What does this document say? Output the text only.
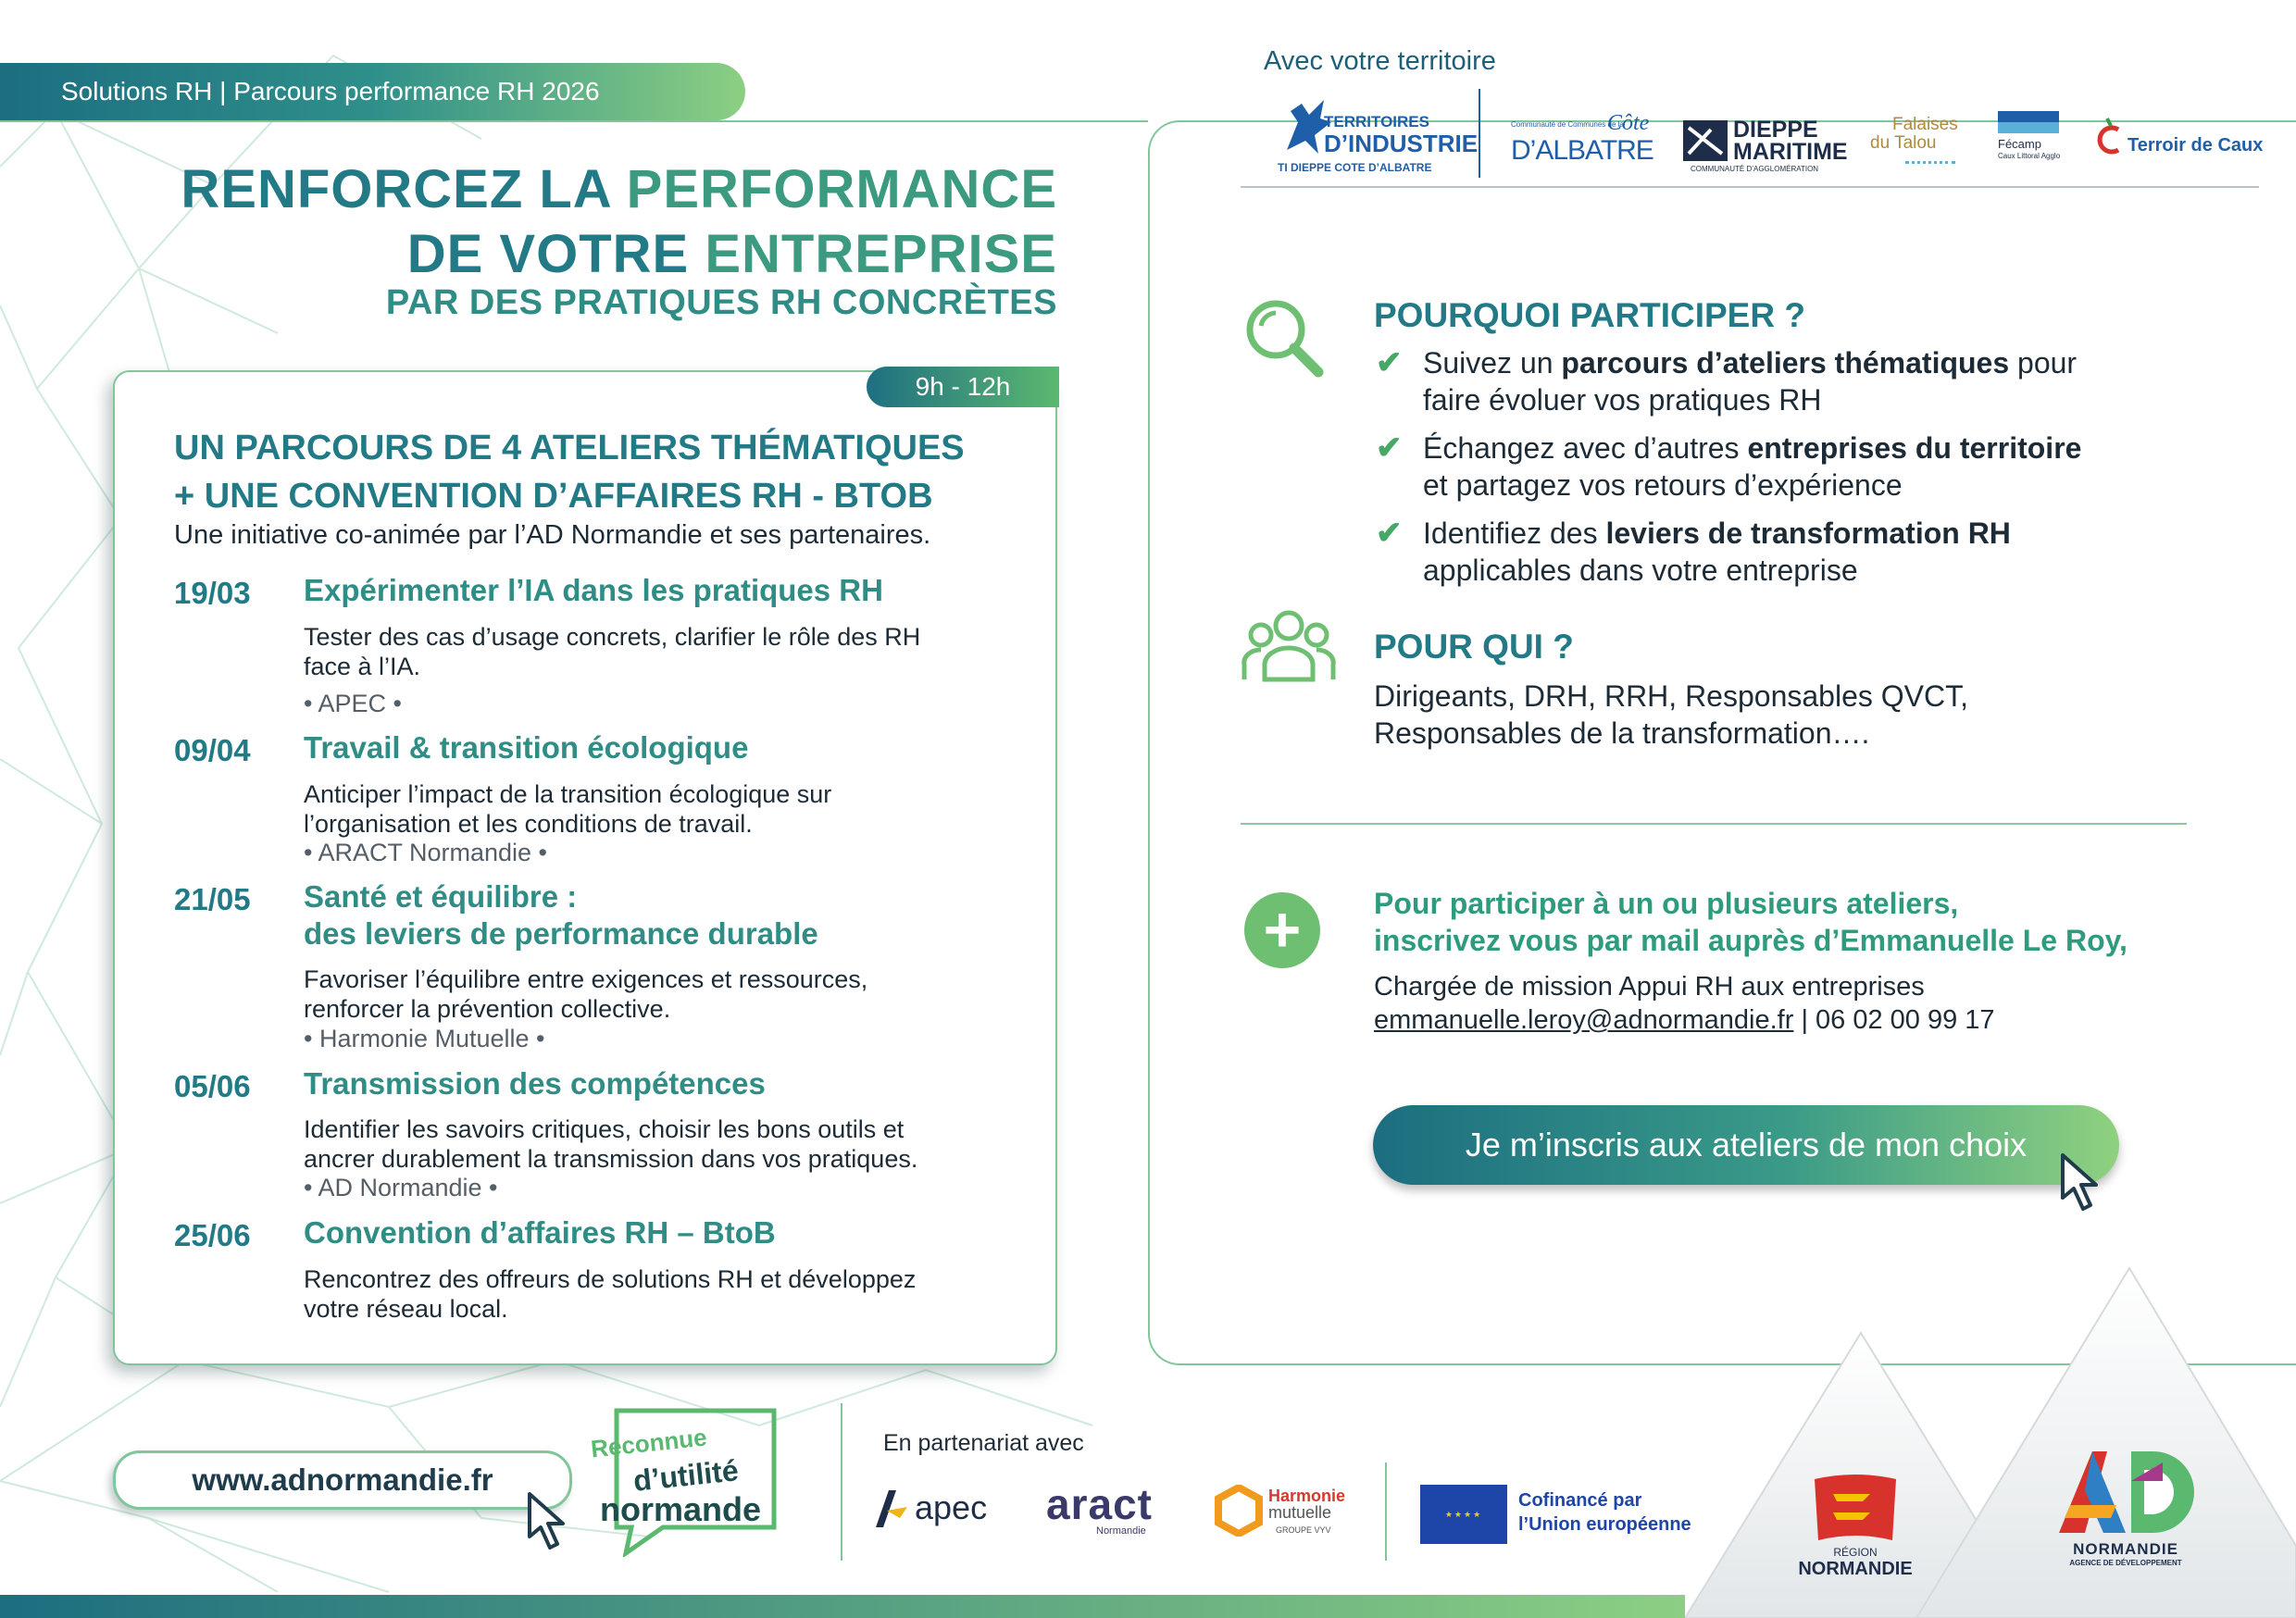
Solutions RH | Parcours performance RH 2026
RENFORCEZ LA PERFORMANCE
DE VOTRE ENTREPRISE
PAR DES PRATIQUES RH CONCRÈTES
9h - 12h
UN PARCOURS DE 4 ATELIERS THÉMATIQUES
+ UNE CONVENTION D’AFFAIRES RH - BTOB
Une initiative co-animée par l’AD Normandie et ses partenaires.
19/03 Expérimenter l’IA dans les pratiques RH
Tester des cas d’usage concrets, clarifier le rôle des RH
face à l’IA.
• APEC •
09/04 Travail & transition écologique
Anticiper l’impact de la transition écologique sur
l’organisation et les conditions de travail.
• ARACT Normandie •
21/05 Santé et équilibre :
des leviers de performance durable
Favoriser l’équilibre entre exigences et ressources,
renforcer la prévention collective.
• Harmonie Mutuelle •
05/06 Transmission des compétences
Identifier les savoirs critiques, choisir les bons outils et
ancrer durablement la transmission dans vos pratiques.
• AD Normandie •
25/06 Convention d’affaires RH – BtoB
Rencontrez des offreurs de solutions RH et développez
votre réseau local.
Avec votre territoire
TERRITOIRES
D’INDUSTRIE
TI DIEPPE COTE D’ALBATRE
Communauté de Communes de la
Côte
D’ALBATRE
DIEPPE
MARITIME
COMMUNAUTÉ D’AGGLOMÉRATION
Falaises
du Talou	Fécamp
Caux Littoral Agglo
Terroir de Caux
POURQUOI PARTICIPER ?
✔ Suivez un parcours d’ateliers thématiques pour
faire évoluer vos pratiques RH
✔ Échangez avec d’autres entreprises du territoire
et partagez vos retours d’expérience
✔ Identifiez des leviers de transformation RH
applicables dans votre entreprise
POUR QUI ?
Dirigeants, DRH, RRH, Responsables QVCT,
Responsables de la transformation….
+	Pour participer à un ou plusieurs ateliers,
inscrivez vous par mail auprès d’Emmanuelle Le Roy,
Chargée de mission Appui RH aux entreprises
emmanuelle.leroy@adnormandie.fr | 06 02 00 99 17
Je m’inscris aux ateliers de mon choix
www.adnormandie.fr
Reconnue
d’utilité
normande
En partenariat avec
apec aract
Normandie
Harmonie
mutuelle
GROUPE VYV
★★★★
Cofinancé par
l’Union européenne
RÉGION
NORMANDIE
NORMANDIE
AGENCE DE DÉVELOPPEMENT
